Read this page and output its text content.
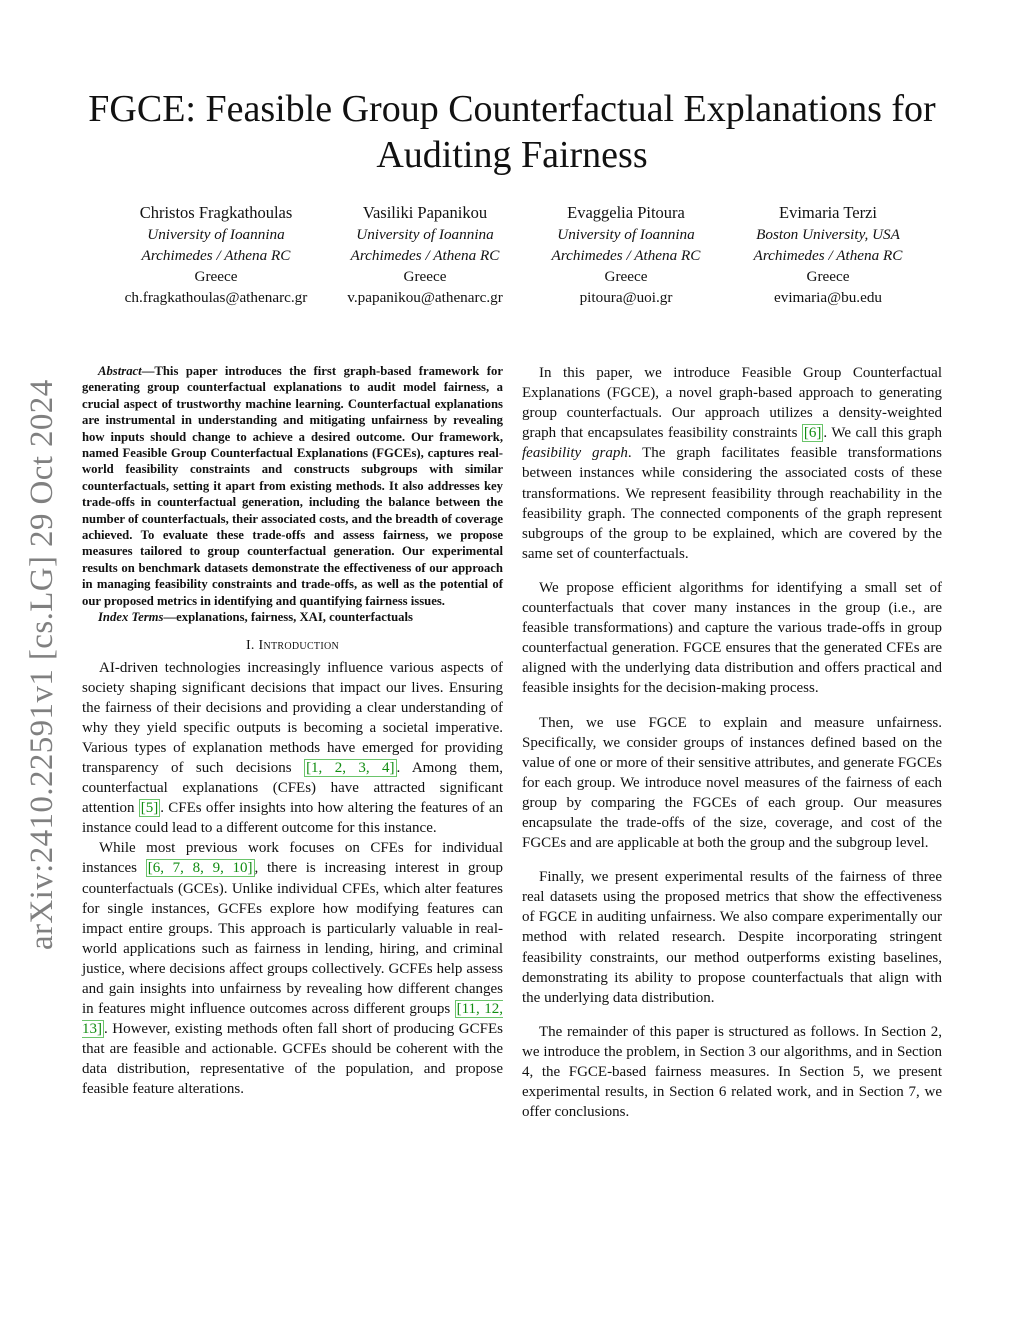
FGCE: Feasible Group Counterfactual Explanations for Auditing Fairness
Christos Fragkathoulas
University of Ioannina
Archimedes / Athena RC
Greece
ch.fragkathoulas@athenarc.gr
Vasiliki Papanikou
University of Ioannina
Archimedes / Athena RC
Greece
v.papanikou@athenarc.gr
Evaggelia Pitoura
University of Ioannina
Archimedes / Athena RC
Greece
pitoura@uoi.gr
Evimaria Terzi
Boston University, USA
Archimedes / Athena RC
Greece
evimaria@bu.edu
arXiv:2410.22591v1 [cs.LG] 29 Oct 2024

Abstract—This paper introduces the first graph-based framework for generating group counterfactual explanations to audit model fairness, a crucial aspect of trustworthy machine learning. Counterfactual explanations are instrumental in understanding and mitigating unfairness by revealing how inputs should change to achieve a desired outcome. Our framework, named Feasible Group Counterfactual Explanations (FGCEs), captures real-world feasibility constraints and constructs subgroups with similar counterfactuals, setting it apart from existing methods. It also addresses key trade-offs in counterfactual generation, including the balance between the number of counterfactuals, their associated costs, and the breadth of coverage achieved. To evaluate these trade-offs and assess fairness, we propose measures tailored to group counterfactual generation. Our experimental results on benchmark datasets demonstrate the effectiveness of our approach in managing feasibility constraints and trade-offs, as well as the potential of our proposed metrics in identifying and quantifying fairness issues.

Index Terms—explanations, fairness, XAI, counterfactuals

I. Introduction

AI-driven technologies increasingly influence various aspects of society shaping significant decisions that impact our lives. Ensuring the fairness of their decisions and providing a clear understanding of why they yield specific outputs is becoming a societal imperative. Various types of explanation methods have emerged for providing transparency of such decisions [1, 2, 3, 4] . Among them, counterfactual explanations (CFEs) have attracted significant attention [5] . CFEs offer insights into how altering the features of an instance could lead to a different outcome for this instance.

While most previous work focuses on CFEs for individual instances [6, 7, 8, 9, 10] , there is increasing interest in group counterfactuals (GCEs). Unlike individual CFEs, which alter features for single instances, GCFEs explore how modifying features can impact entire groups. This approach is particularly valuable in real-world applications such as fairness in lending, hiring, and criminal justice, where decisions affect groups collectively. GCFEs help assess and gain insights into unfairness by revealing how different changes in features might influence outcomes across different groups [11, 12, 13] . However, existing methods often fall short of producing GCFEs that are feasible and actionable. GCFEs should be coherent with the data distribution, representative of the population, and propose feasible feature alterations.

In this paper, we introduce Feasible Group Counterfactual Explanations (FGCE), a novel graph-based approach to generating group counterfactuals. Our approach utilizes a density-weighted graph that encapsulates feasibility constraints [6] . We call this graph feasibility graph. The graph facilitates feasible transformations between instances while considering the associated costs of these transformations. We represent feasibility through reachability in the feasibility graph. The connected components of the graph represent subgroups of the group to be explained, which are covered by the same set of counterfactuals.

We propose efficient algorithms for identifying a small set of counterfactuals that cover many instances in the group (i.e., are feasible transformations) and capture the various trade-offs in group counterfactual generation. FGCE ensures that the generated CFEs are aligned with the underlying data distribution and offers practical and feasible insights for the decision-making process.

Then, we use FGCE to explain and measure unfairness. Specifically, we consider groups of instances defined based on the value of one or more of their sensitive attributes, and generate FGCEs for each group. We introduce novel measures of the fairness of each group by comparing the FGCEs of each group. Our measures encapsulate the trade-offs of the size, coverage, and cost of the FGCEs and are applicable at both the group and the subgroup level.

Finally, we present experimental results of the fairness of three real datasets using the proposed metrics that show the effectiveness of FGCE in auditing unfairness. We also compare experimentally our method with related research. Despite incorporating stringent feasibility constraints, our method outperforms existing baselines, demonstrating its ability to propose counterfactuals that align with the underlying data distribution.

The remainder of this paper is structured as follows. In Section 2, we introduce the problem, in Section 3 our algorithms, and in Section 4, the FGCE-based fairness measures. In Section 5, we present experimental results, in Section 6 related work, and in Section 7, we offer conclusions.
